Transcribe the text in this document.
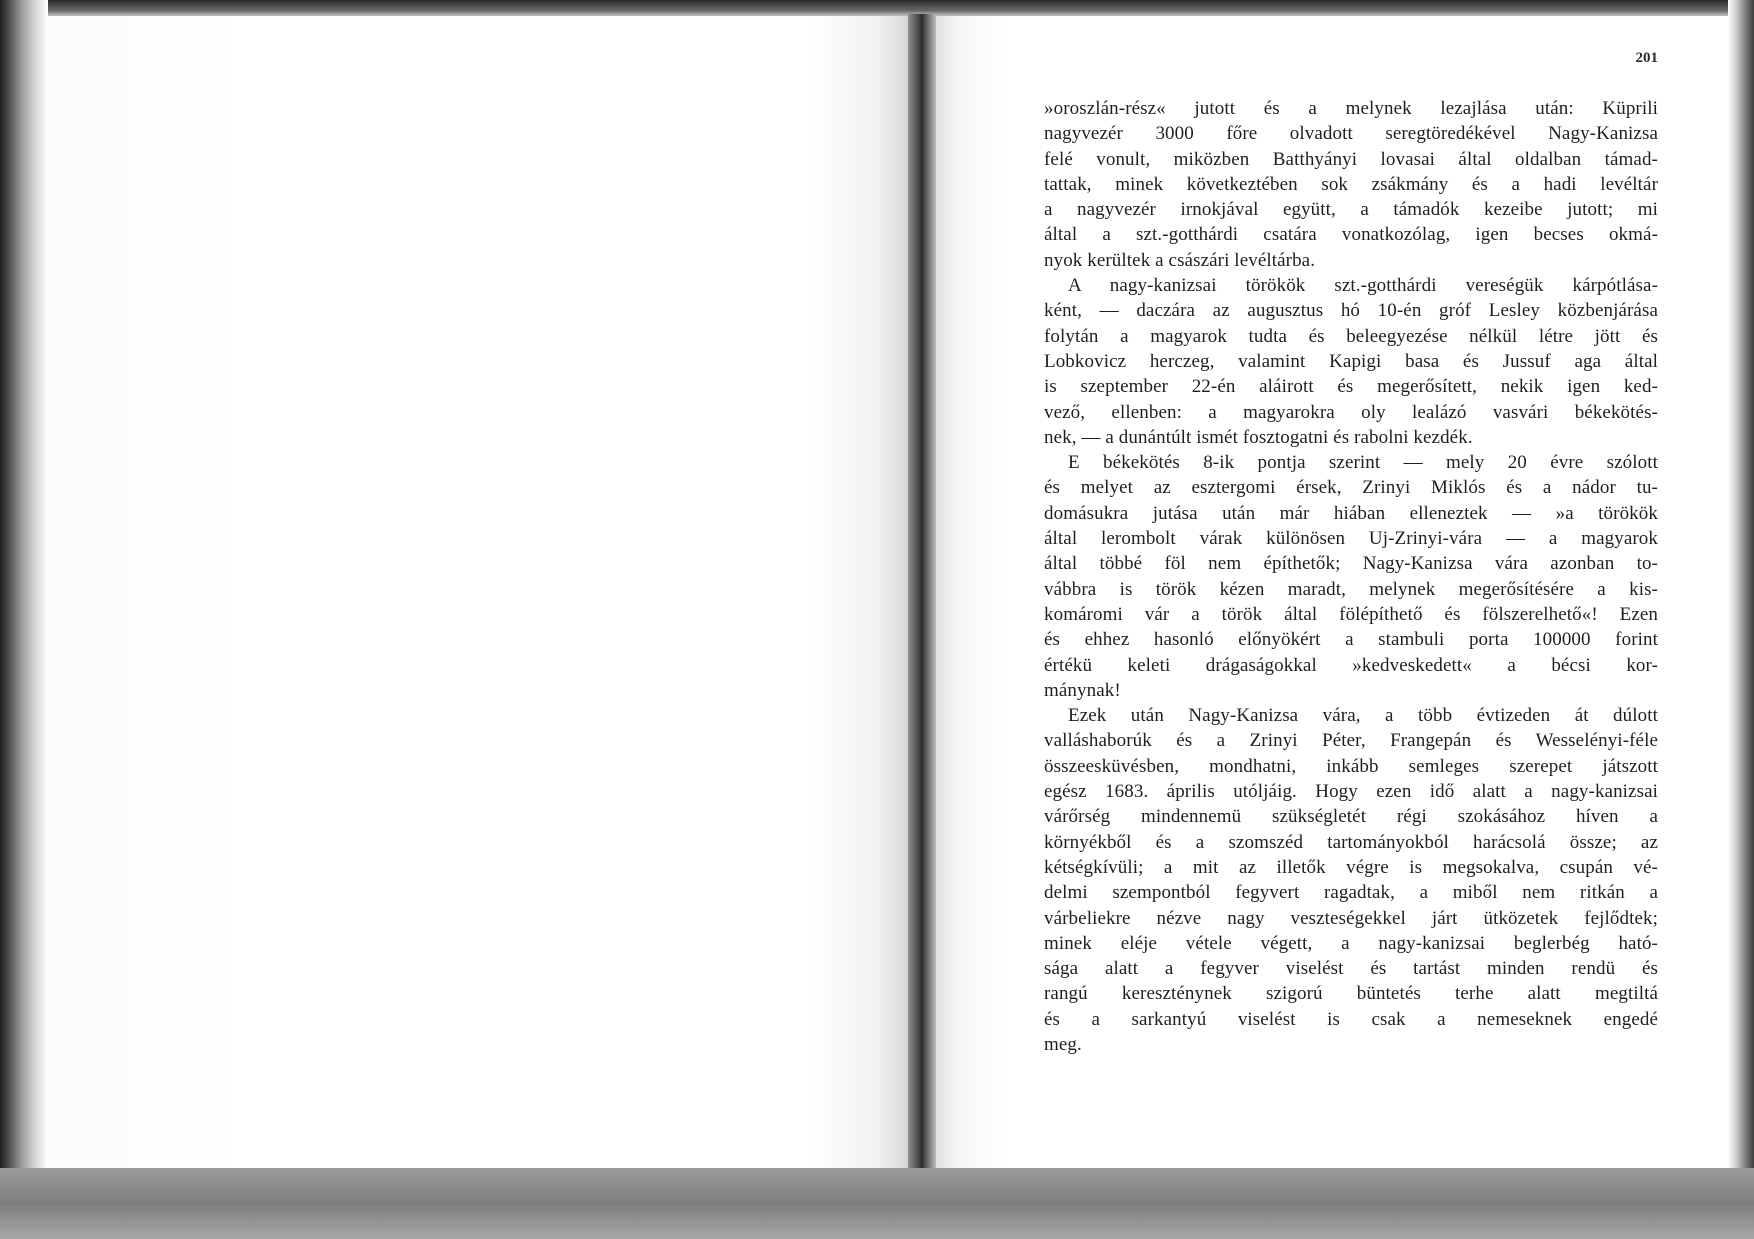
201
»oroszlán-rész« jutott és a melynek lezajlása után: Küprili
nagyvezér 3000 főre olvadott seregtöredékével Nagy-Kanizsa
felé vonult, miközben Batthyányi lovasai által oldalban támad-
tattak, minek következtében sok zsákmány és a hadi levéltár
a nagyvezér irnokjával együtt, a támadók kezeibe jutott; mi
által a szt.-gotthárdi csatára vonatkozólag, igen becses okmá-
nyok kerültek a császári levéltárba.
A nagy-kanizsai törökök szt.-gotthárdi vereségük kárpótlása-
ként, — daczára az augusztus hó 10-én gróf Lesley közbenjárása
folytán a magyarok tudta és beleegyezése nélkül létre jött és
Lobkovicz herczeg, valamint Kapigi basa és Jussuf aga által
is szeptember 22-én aláirott és megerősített, nekik igen ked-
vező, ellenben: a magyarokra oly lealázó vasvári békekötés-
nek, — a dunántúlt ismét fosztogatni és rabolni kezdék.
E békekötés 8-ik pontja szerint — mely 20 évre szólott
és melyet az esztergomi érsek, Zrinyi Miklós és a nádor tu-
domásukra jutása után már hiában elleneztek — »a törökök
által lerombolt várak különösen Uj-Zrinyi-vára — a magyarok
által többé föl nem építhetők; Nagy-Kanizsa vára azonban to-
vábbra is török kézen maradt, melynek megerősítésére a kis-
komáromi vár a török által fölépíthető és fölszerelhető«! Ezen
és ehhez hasonló előnyökért a stambuli porta 100000 forint
értékü keleti drágaságokkal »kedveskedett« a bécsi kor-
mánynak!
Ezek után Nagy-Kanizsa vára, a több évtizeden át dúlott
valláshaborúk és a Zrinyi Péter, Frangepán és Wesselényi-féle
összeesküvésben, mondhatni, inkább semleges szerepet játszott
egész 1683. április utóljáig. Hogy ezen idő alatt a nagy-kanizsai
várőrség mindennemü szükségletét régi szokásához híven a
környékből és a szomszéd tartományokból harácsolá össze; az
kétségkívüli; a mit az illetők végre is megsokalva, csupán vé-
delmi szempontból fegyvert ragadtak, a miből nem ritkán a
várbeliekre nézve nagy veszteségekkel járt ütközetek fejlődtek;
minek eléje vétele végett, a nagy-kanizsai beglerbég ható-
sága alatt a fegyver viselést és tartást minden rendü és
rangú kereszténynek szigorú büntetés terhe alatt megtiltá
és a sarkantyú viselést is csak a nemeseknek engedé
meg.
